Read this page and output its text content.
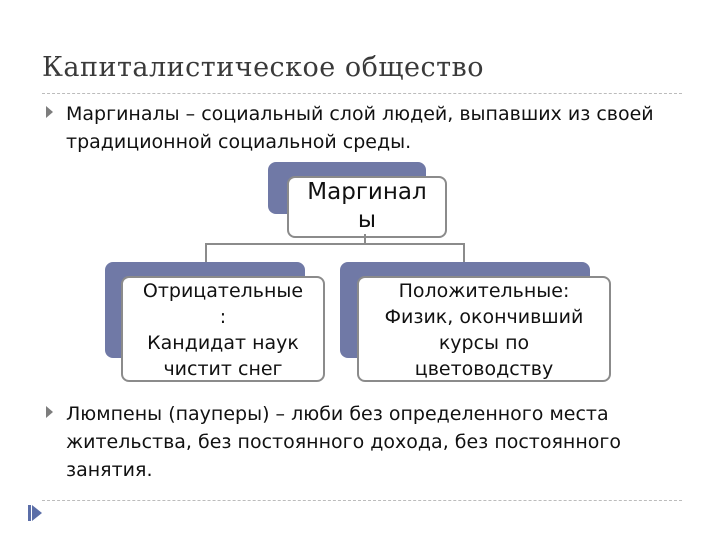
Капиталистическое общество
Маргиналы – социальный слой людей, выпавших из своей традиционной социальной среды.
Маргинал
ы
Отрицательные
:
Кандидат наук
чистит снег
Положительные:
Физик, окончивший
курсы по
цветоводству
Люмпены (пауперы) – люби без определенного места жительства, без постоянного дохода, без постоянного занятия.
